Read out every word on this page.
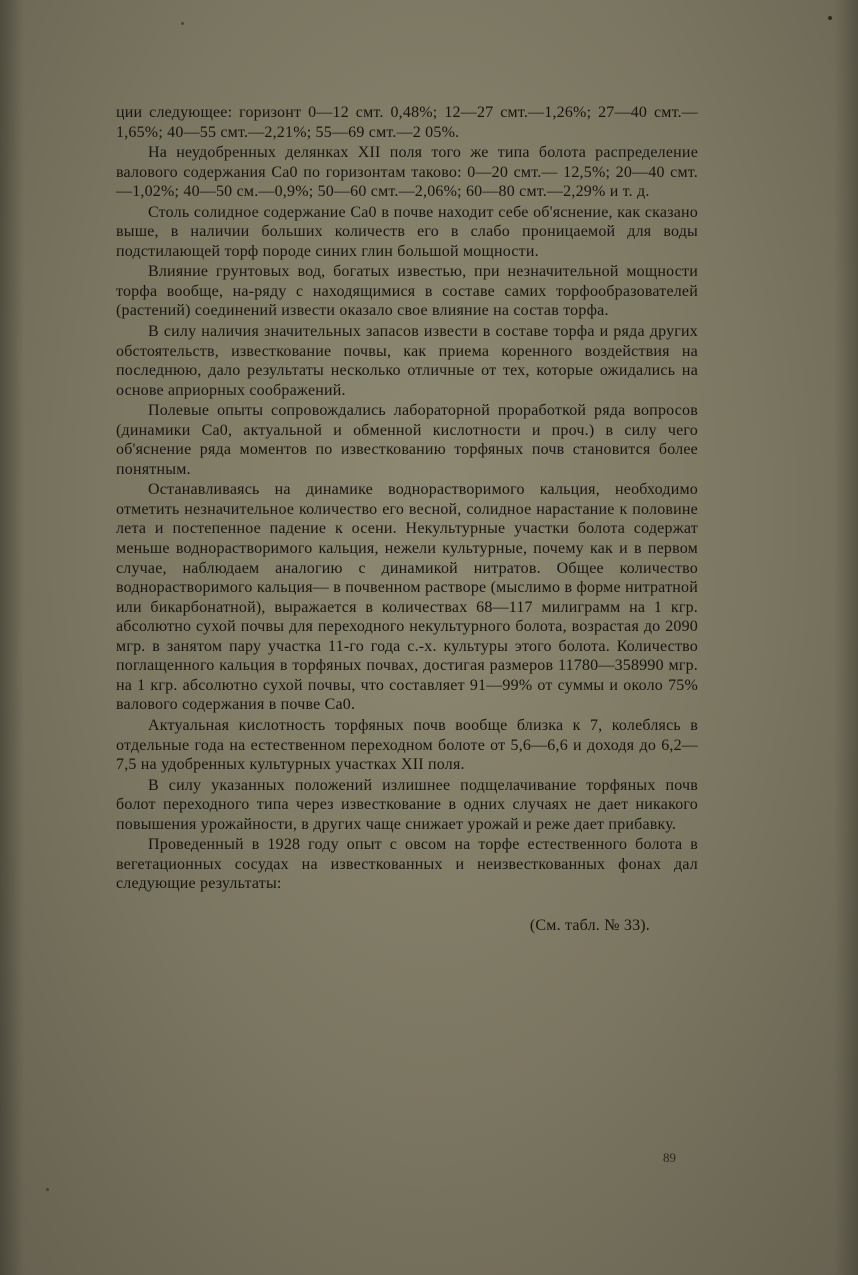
ции следующее: горизонт 0—12 смт. 0,48%; 12—27 смт.—1,26%; 27—40 смт.—1,65%; 40—55 смт.—2,21%; 55—69 смт.—2 05%.

На неудобренных делянках XII поля того же типа болота распределение валового содержания Са0 по горизонтам таково: 0—20 смт.— 12,5%; 20—40 смт.—1,02%; 40—50 см.—0,9%; 50—60 смт.—2,06%; 60—80 смт.—2,29% и т. д.

Столь солидное содержание Са0 в почве находит себе об'яснение, как сказано выше, в наличии больших количеств его в слабо проницаемой для воды подстилающей торф породе синих глин большой мощности.

Влияние грунтовых вод, богатых известью, при незначительной мощности торфа вообще, на-ряду с находящимися в составе самих торфообразователей (растений) соединений извести оказало свое влияние на состав торфа.

В силу наличия значительных запасов извести в составе торфа и ряда других обстоятельств, известкование почвы, как приема коренного воздействия на последнюю, дало результаты несколько отличные от тех, которые ожидались на основе априорных соображений.

Полевые опыты сопровождались лабораторной проработкой ряда вопросов (динамики Са0, актуальной и обменной кислотности и проч.) в силу чего об'яснение ряда моментов по известкованию торфяных почв становится более понятным.

Останавливаясь на динамике воднорастворимого кальция, необходимо отметить незначительное количество его весной, солидное нарастание к половине лета и постепенное падение к осени. Некультурные участки болота содержат меньше воднорастворимого кальция, нежели культурные, почему как и в первом случае, наблюдаем аналогию с динамикой нитратов. Общее количество воднорастворимого кальция— в почвенном растворе (мыслимо в форме нитратной или бикарбонатной), выражается в количествах 68—117 милиграмм на 1 кгр. абсолютно сухой почвы для переходного некультурного болота, возрастая до 2090 мгр. в занятом пару участка 11-го года с.-х. культуры этого болота. Количество поглащенного кальция в торфяных почвах, достигая размеров 11780—358990 мгр. на 1 кгр. абсолютно сухой почвы, что составляет 91—99% от суммы и около 75% валового содержания в почве Са0.

Актуальная кислотность торфяных почв вообще близка к 7, колеблясь в отдельные года на естественном переходном болоте от 5,6—6,6 и доходя до 6,2—7,5 на удобренных культурных участках XII поля.

В силу указанных положений излишнее подщелачивание торфяных почв болот переходного типа через известкование в одних случаях не дает никакого повышения урожайности, в других чаще снижает урожай и реже дает прибавку.

Проведенный в 1928 году опыт с овсом на торфе естественного болота в вегетационных сосудах на известкованных и неизвесткованных фонах дал следующие результаты:

(См. табл. № 33).

89
